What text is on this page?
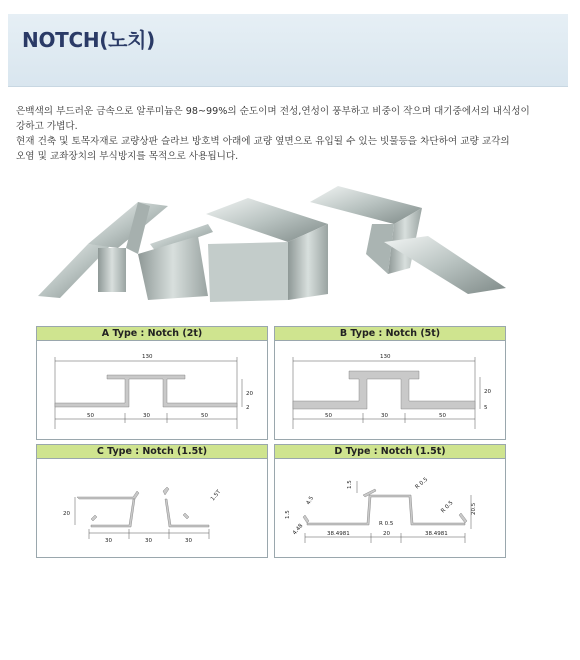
NOTCH(노치)

은백색의 부드러운 금속으로 알루미늄은 98~99%의 순도이며 전성,연성이 풍부하고 비중이 작으며 대기중에서의 내식성이

강하고 가볍다.

현재 건축 및 토목자재로 교량상판 슬라브 방호벽 아래에 교량 옆면으로 유입될 수 있는 빗물등을 차단하여 교량 교각의

오염 및 교좌장치의 부식방지를 목적으로 사용됩니다.

A Type : Notch (2t)
130
50	30	50
20
2
B Type : Notch (5t)
130
50	30	50
20
5
C Type : Notch (1.5t)
20
30	30	30
1.5T
D Type : Notch (1.5t)
38.4981	20	38.4981
20.5
1.5
R 0.5
R 0.5
R 0.5
1.5
4.48
4.5
